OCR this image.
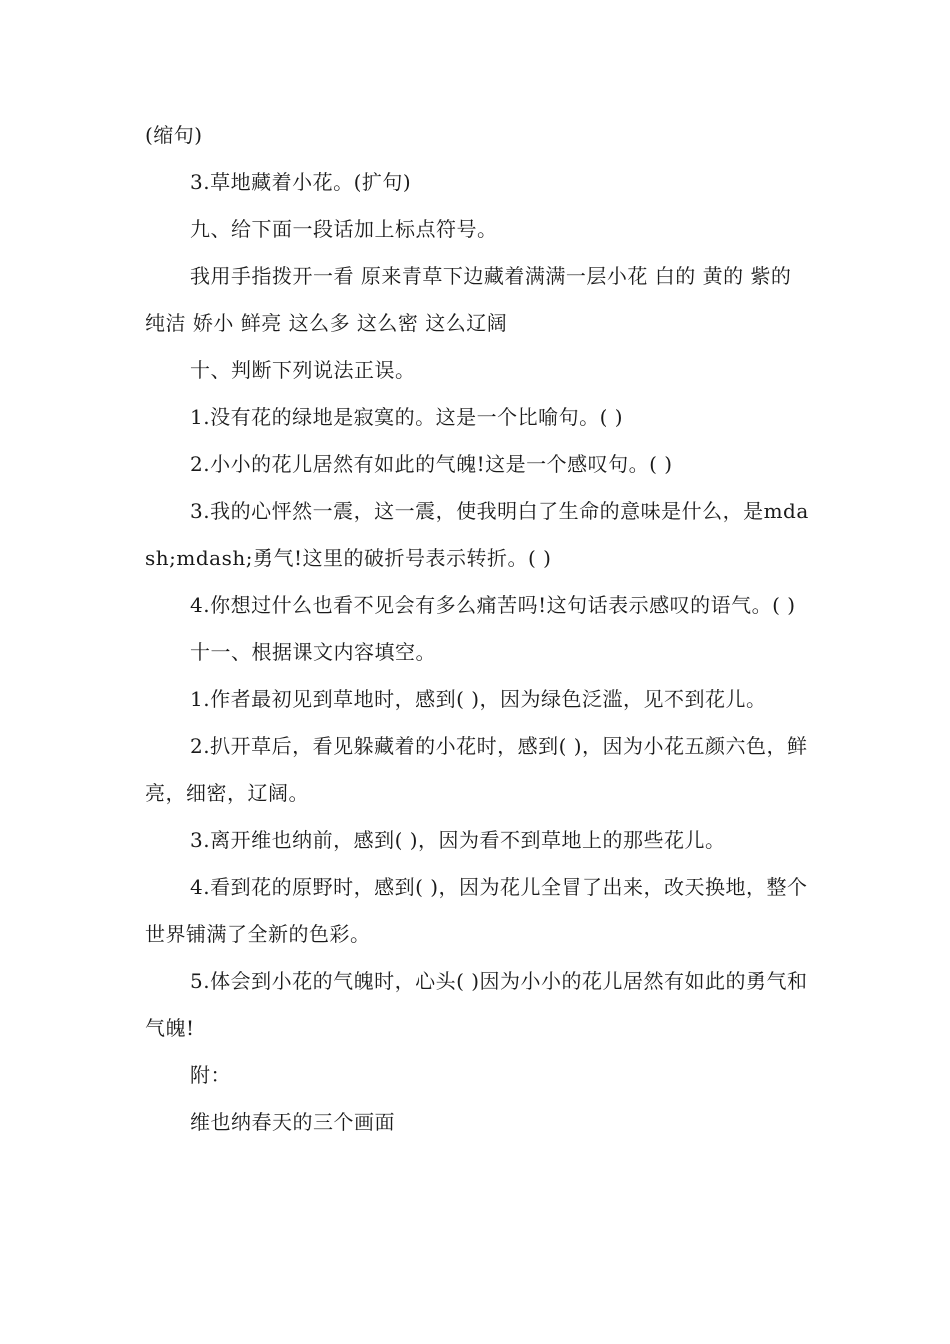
(缩句)

3.草地藏着小花。(扩句)

九、给下面一段话加上标点符号。

我用手指拨开一看 原来青草下边藏着满满一层小花 白的 黄的 紫的 纯洁 娇小 鲜亮 这么多 这么密 这么辽阔

十、判断下列说法正误。

1.没有花的绿地是寂寞的。这是一个比喻句。( )

2.小小的花儿居然有如此的气魄!这是一个感叹句。( )

3.我的心怦然一震，这一震，使我明白了生命的意味是什么，是mdash;mdash;勇气!这里的破折号表示转折。( )

4.你想过什么也看不见会有多么痛苦吗!这句话表示感叹的语气。( )

十一、根据课文内容填空。

1.作者最初见到草地时，感到( )，因为绿色泛滥，见不到花儿。

2.扒开草后，看见躲藏着的小花时，感到( )，因为小花五颜六色，鲜亮，细密，辽阔。

3.离开维也纳前，感到( )，因为看不到草地上的那些花儿。

4.看到花的原野时，感到( )，因为花儿全冒了出来，改天换地，整个世界铺满了全新的色彩。

5.体会到小花的气魄时，心头( )因为小小的花儿居然有如此的勇气和气魄!

附：

维也纳春天的三个画面
